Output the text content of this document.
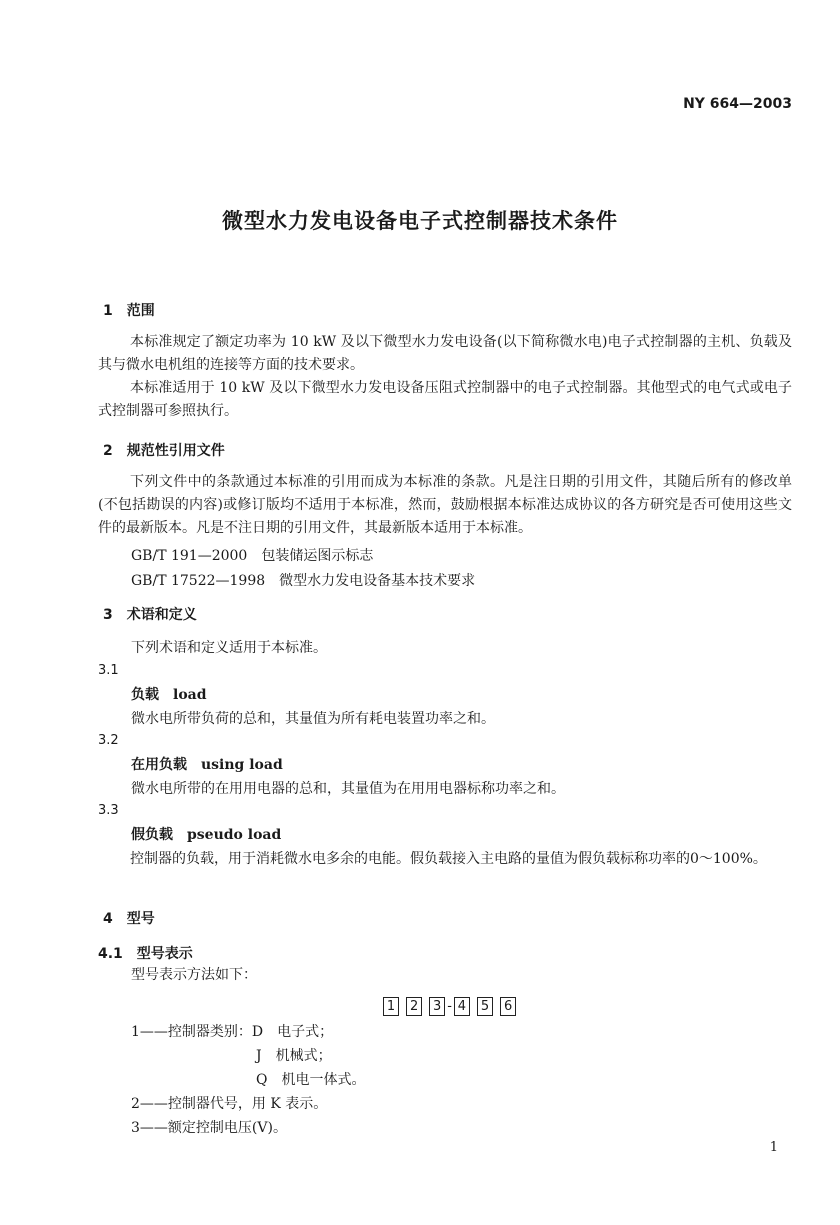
NY 664—2003
微型水力发电设备电子式控制器技术条件
1　范围

本标准规定了额定功率为 10 kW 及以下微型水力发电设备(以下简称微水电)电子式控制器的主机、负载及其与微水电机组的连接等方面的技术要求。

本标准适用于 10 kW 及以下微型水力发电设备压阻式控制器中的电子式控制器。其他型式的电气式或电子式控制器可参照执行。

2　规范性引用文件

下列文件中的条款通过本标准的引用而成为本标准的条款。凡是注日期的引用文件，其随后所有的修改单(不包括勘误的内容)或修订版均不适用于本标准，然而，鼓励根据本标准达成协议的各方研究是否可使用这些文件的最新版本。凡是不注日期的引用文件，其最新版本适用于本标准。

GB/T 191—2000　包装储运图示标志
GB/T 17522—1998　微型水力发电设备基本技术要求
3　术语和定义
下列术语和定义适用于本标准。
3.1
负载　load
微水电所带负荷的总和，其量值为所有耗电装置功率之和。
3.2
在用负载　using load
微水电所带的在用用电器的总和，其量值为在用用电器标称功率之和。
3.3
假负载　pseudo load

控制器的负载，用于消耗微水电多余的电能。假负载接入主电路的量值为假负载标称功率的0～100%。

4　型号
4.1　型号表示
型号表示方法如下：
1 2 3 - 4 5 6
1——控制器类别：D　电子式；
J　机械式；
Q　机电一体式。
2——控制器代号，用 K 表示。
3——额定控制电压(V)。
1
